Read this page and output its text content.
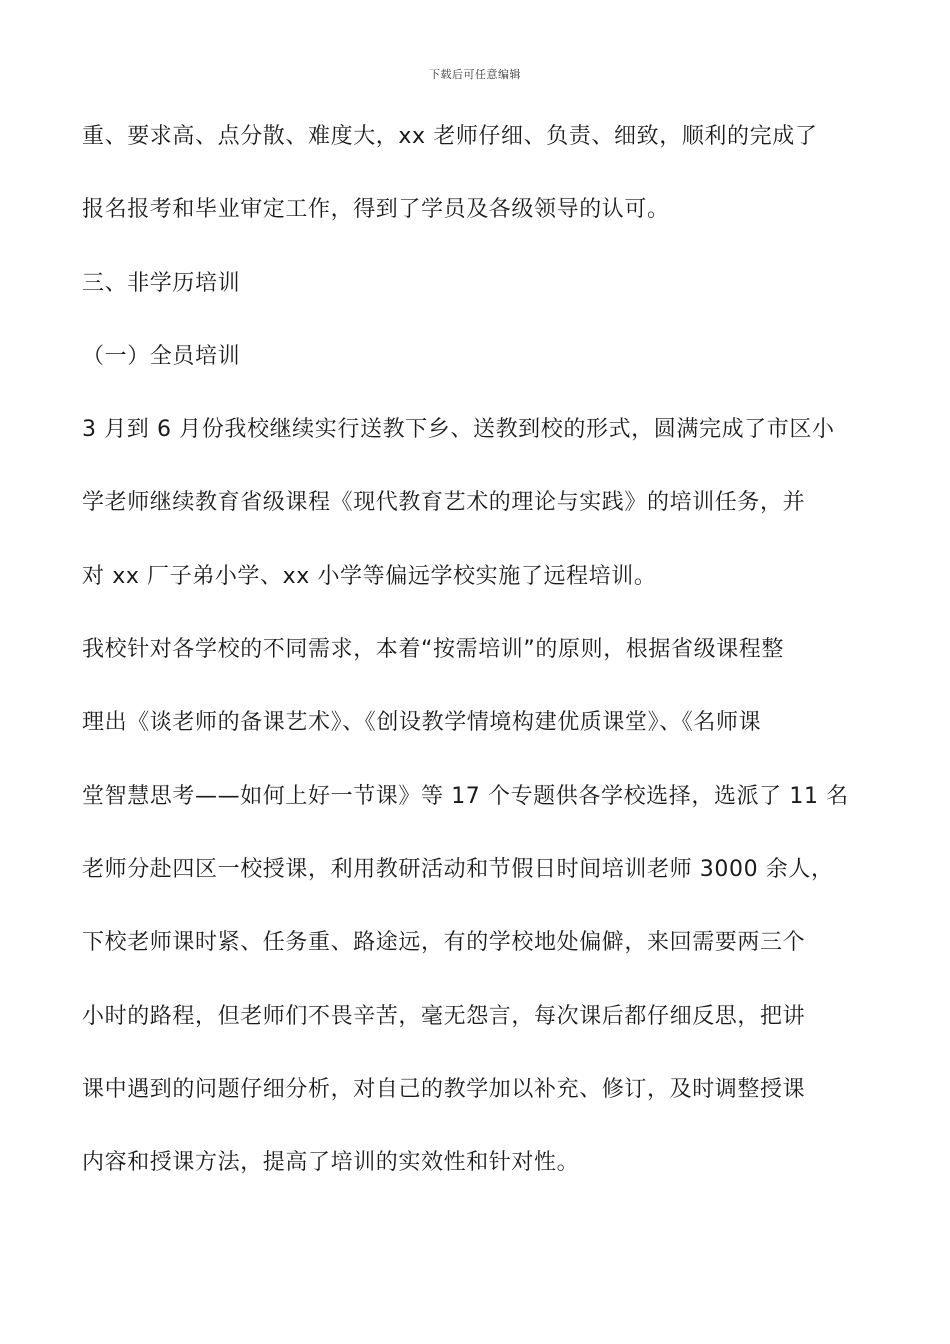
下载后可任意编辑
重、要求高、点分散、难度大，xx 老师仔细、负责、细致，顺利的完成了
报名报考和毕业审定工作，得到了学员及各级领导的认可。
三、非学历培训
（一）全员培训
3 月到 6 月份我校继续实行送教下乡、送教到校的形式，圆满完成了市区小
学老师继续教育省级课程《现代教育艺术的理论与实践》的培训任务，并
对 xx 厂子弟小学、xx 小学等偏远学校实施了远程培训。
我校针对各学校的不同需求，本着“按需培训”的原则，根据省级课程整
理出《谈老师的备课艺术》、《创设教学情境构建优质课堂》、《名师课
堂智慧思考——如何上好一节课》等 17 个专题供各学校选择，选派了 11 名
老师分赴四区一校授课，利用教研活动和节假日时间培训老师 3000 余人，
下校老师课时紧、任务重、路途远，有的学校地处偏僻，来回需要两三个
小时的路程，但老师们不畏辛苦，毫无怨言，每次课后都仔细反思，把讲
课中遇到的问题仔细分析，对自己的教学加以补充、修订，及时调整授课
内容和授课方法，提高了培训的实效性和针对性。
